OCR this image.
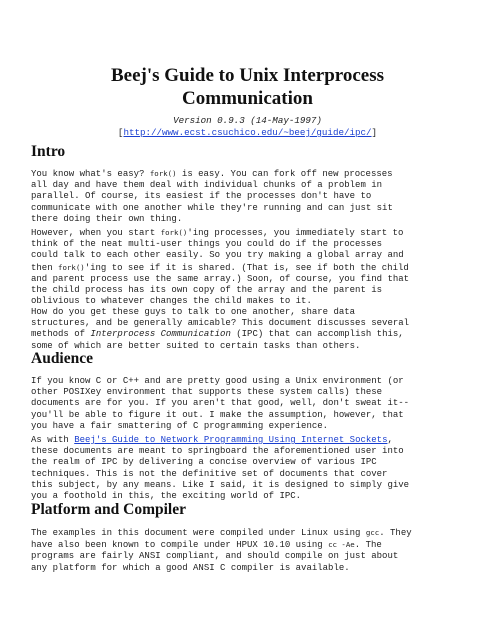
Beej's Guide to Unix Interprocess
Communication
Version 0.9.3 (14-May-1997)
[http://www.ecst.csuchico.edu/~beej/guide/ipc/]
Intro

You know what's easy? fork() is easy. You can fork off new processes
all day and have them deal with individual chunks of a problem in
parallel. Of course, its easiest if the processes don't have to
communicate with one another while they're running and can just sit
there doing their own thing.

However, when you start fork()'ing processes, you immediately start to
think of the neat multi-user things you could do if the processes
could talk to each other easily. So you try making a global array and
then fork()'ing to see if it is shared. (That is, see if both the child
and parent process use the same array.) Soon, of course, you find that
the child process has its own copy of the array and the parent is
oblivious to whatever changes the child makes to it.

How do you get these guys to talk to one another, share data
structures, and be generally amicable? This document discusses several
methods of Interprocess Communication (IPC) that can accomplish this,
some of which are better suited to certain tasks than others.

Audience

If you know C or C++ and are pretty good using a Unix environment (or
other POSIXey environment that supports these system calls) these
documents are for you. If you aren't that good, well, don't sweat it--
you'll be able to figure it out. I make the assumption, however, that
you have a fair smattering of C programming experience.

As with Beej's Guide to Network Programming Using Internet Sockets,
these documents are meant to springboard the aforementioned user into
the realm of IPC by delivering a concise overview of various IPC
techniques. This is not the definitive set of documents that cover
this subject, by any means. Like I said, it is designed to simply give
you a foothold in this, the exciting world of IPC.

Platform and Compiler

The examples in this document were compiled under Linux using gcc. They
have also been known to compile under HPUX 10.10 using cc -Ae. The
programs are fairly ANSI compliant, and should compile on just about
any platform for which a good ANSI C compiler is available.
